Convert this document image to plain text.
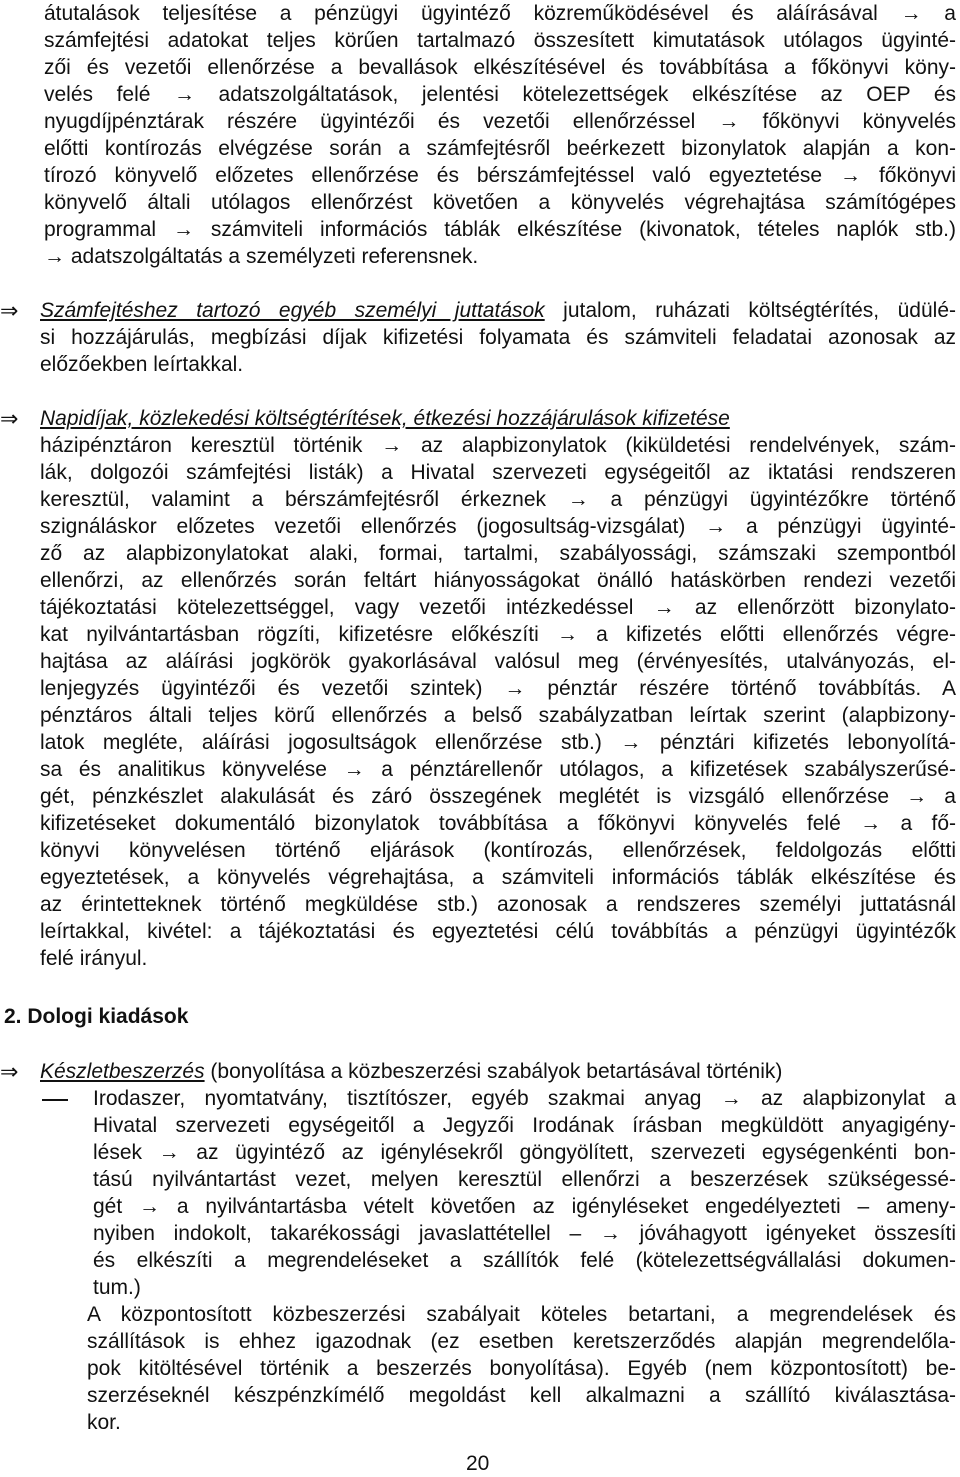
átutalások teljesítése a pénzügyi ügyintéző közreműködésével és aláírásával → a
számfejtési adatokat teljes körűen tartalmazó összesített kimutatások utólagos ügyinté-
zői és vezetői ellenőrzése a bevallások elkészítésével és továbbítása a főkönyvi köny-
velés felé → adatszolgáltatások, jelentési kötelezettségek elkészítése az OEP és
nyugdíjpénztárak részére ügyintézői és vezetői ellenőrzéssel → főkönyvi könyvelés
előtti kontírozás elvégzése során a számfejtésről beérkezett bizonylatok alapján a kon-
tírozó könyvelő előzetes ellenőrzése és bérszámfejtéssel való egyeztetése → főkönyvi
könyvelő általi utólagos ellenőrzést követően a könyvelés végrehajtása számítógépes
programmal → számviteli információs táblák elkészítése (kivonatok, tételes naplók stb.)
→ adatszolgáltatás a személyzeti referensnek.
⇒ Számfejtéshez tartozó egyéb személyi juttatások jutalom, ruházati költségtérítés, üdülé-
si hozzájárulás, megbízási díjak kifizetési folyamata és számviteli feladatai azonosak az
előzőekben leírtakkal.
⇒ Napidíjak, közlekedési költségtérítések, étkezési hozzájárulások kifizetése
házipénztáron keresztül történik → az alapbizonylatok (kiküldetési rendelvények, szám-
lák, dolgozói számfejtési listák) a Hivatal szervezeti egységeitől az iktatási rendszeren
keresztül, valamint a bérszámfejtésről érkeznek → a pénzügyi ügyintézőkre történő
szignáláskor előzetes vezetői ellenőrzés (jogosultság-vizsgálat) → a pénzügyi ügyinté-
ző az alapbizonylatokat alaki, formai, tartalmi, szabályossági, számszaki szempontból
ellenőrzi, az ellenőrzés során feltárt hiányosságokat önálló hatáskörben rendezi vezetői
tájékoztatási kötelezettséggel, vagy vezetői intézkedéssel → az ellenőrzött bizonylato-
kat nyilvántartásban rögzíti, kifizetésre előkészíti → a kifizetés előtti ellenőrzés végre-
hajtása az aláírási jogkörök gyakorlásával valósul meg (érvényesítés, utalványozás, el-
lenjegyzés ügyintézői és vezetői szintek) → pénztár részére történő továbbítás. A
pénztáros általi teljes körű ellenőrzés a belső szabályzatban leírtak szerint (alapbizony-
latok megléte, aláírási jogosultságok ellenőrzése stb.) → pénztári kifizetés lebonyolítá-
sa és analitikus könyvelése → a pénztárellenőr utólagos, a kifizetések szabályszerűsé-
gét, pénzkészlet alakulását és záró összegének meglétét is vizsgáló ellenőrzése → a
kifizetéseket dokumentáló bizonylatok továbbítása a főkönyvi könyvelés felé → a fő-
könyvi könyvelésen történő eljárások (kontírozás, ellenőrzések, feldolgozás előtti
egyeztetések, a könyvelés végrehajtása, a számviteli információs táblák elkészítése és
az érintetteknek történő megküldése stb.) azonosak a rendszeres személyi juttatásnál
leírtakkal, kivétel: a tájékoztatási és egyeztetési célú továbbítás a pénzügyi ügyintézők
felé irányul.
2. Dologi kiadások
⇒ Készletbeszerzés (bonyolítása a közbeszerzési szabályok betartásával történik)
Irodaszer, nyomtatvány, tisztítószer, egyéb szakmai anyag → az alapbizonylat a
Hivatal szervezeti egységeitől a Jegyzői Irodának írásban megküldött anyagigény-
lések → az ügyintéző az igénylésekről göngyölített, szervezeti egységenkénti bon-
tású nyilvántartást vezet, melyen keresztül ellenőrzi a beszerzések szükségessé-
gét → a nyilvántartásba vételt követően az igényléseket engedélyezteti – ameny-
nyiben indokolt, takarékossági javaslattétellel – → jóváhagyott igényeket összesíti
és elkészíti a megrendeléseket a szállítók felé (kötelezettségvállalási dokumen-
tum.)
A központosított közbeszerzési szabályait köteles betartani, a megrendelések és
szállítások is ehhez igazodnak (ez esetben keretszerződés alapján megrendelőla-
pok kitöltésével történik a beszerzés bonyolítása). Egyéb (nem központosított) be-
szerzéseknél készpénzkímélő megoldást kell alkalmazni a szállító kiválasztása-
kor.
20
